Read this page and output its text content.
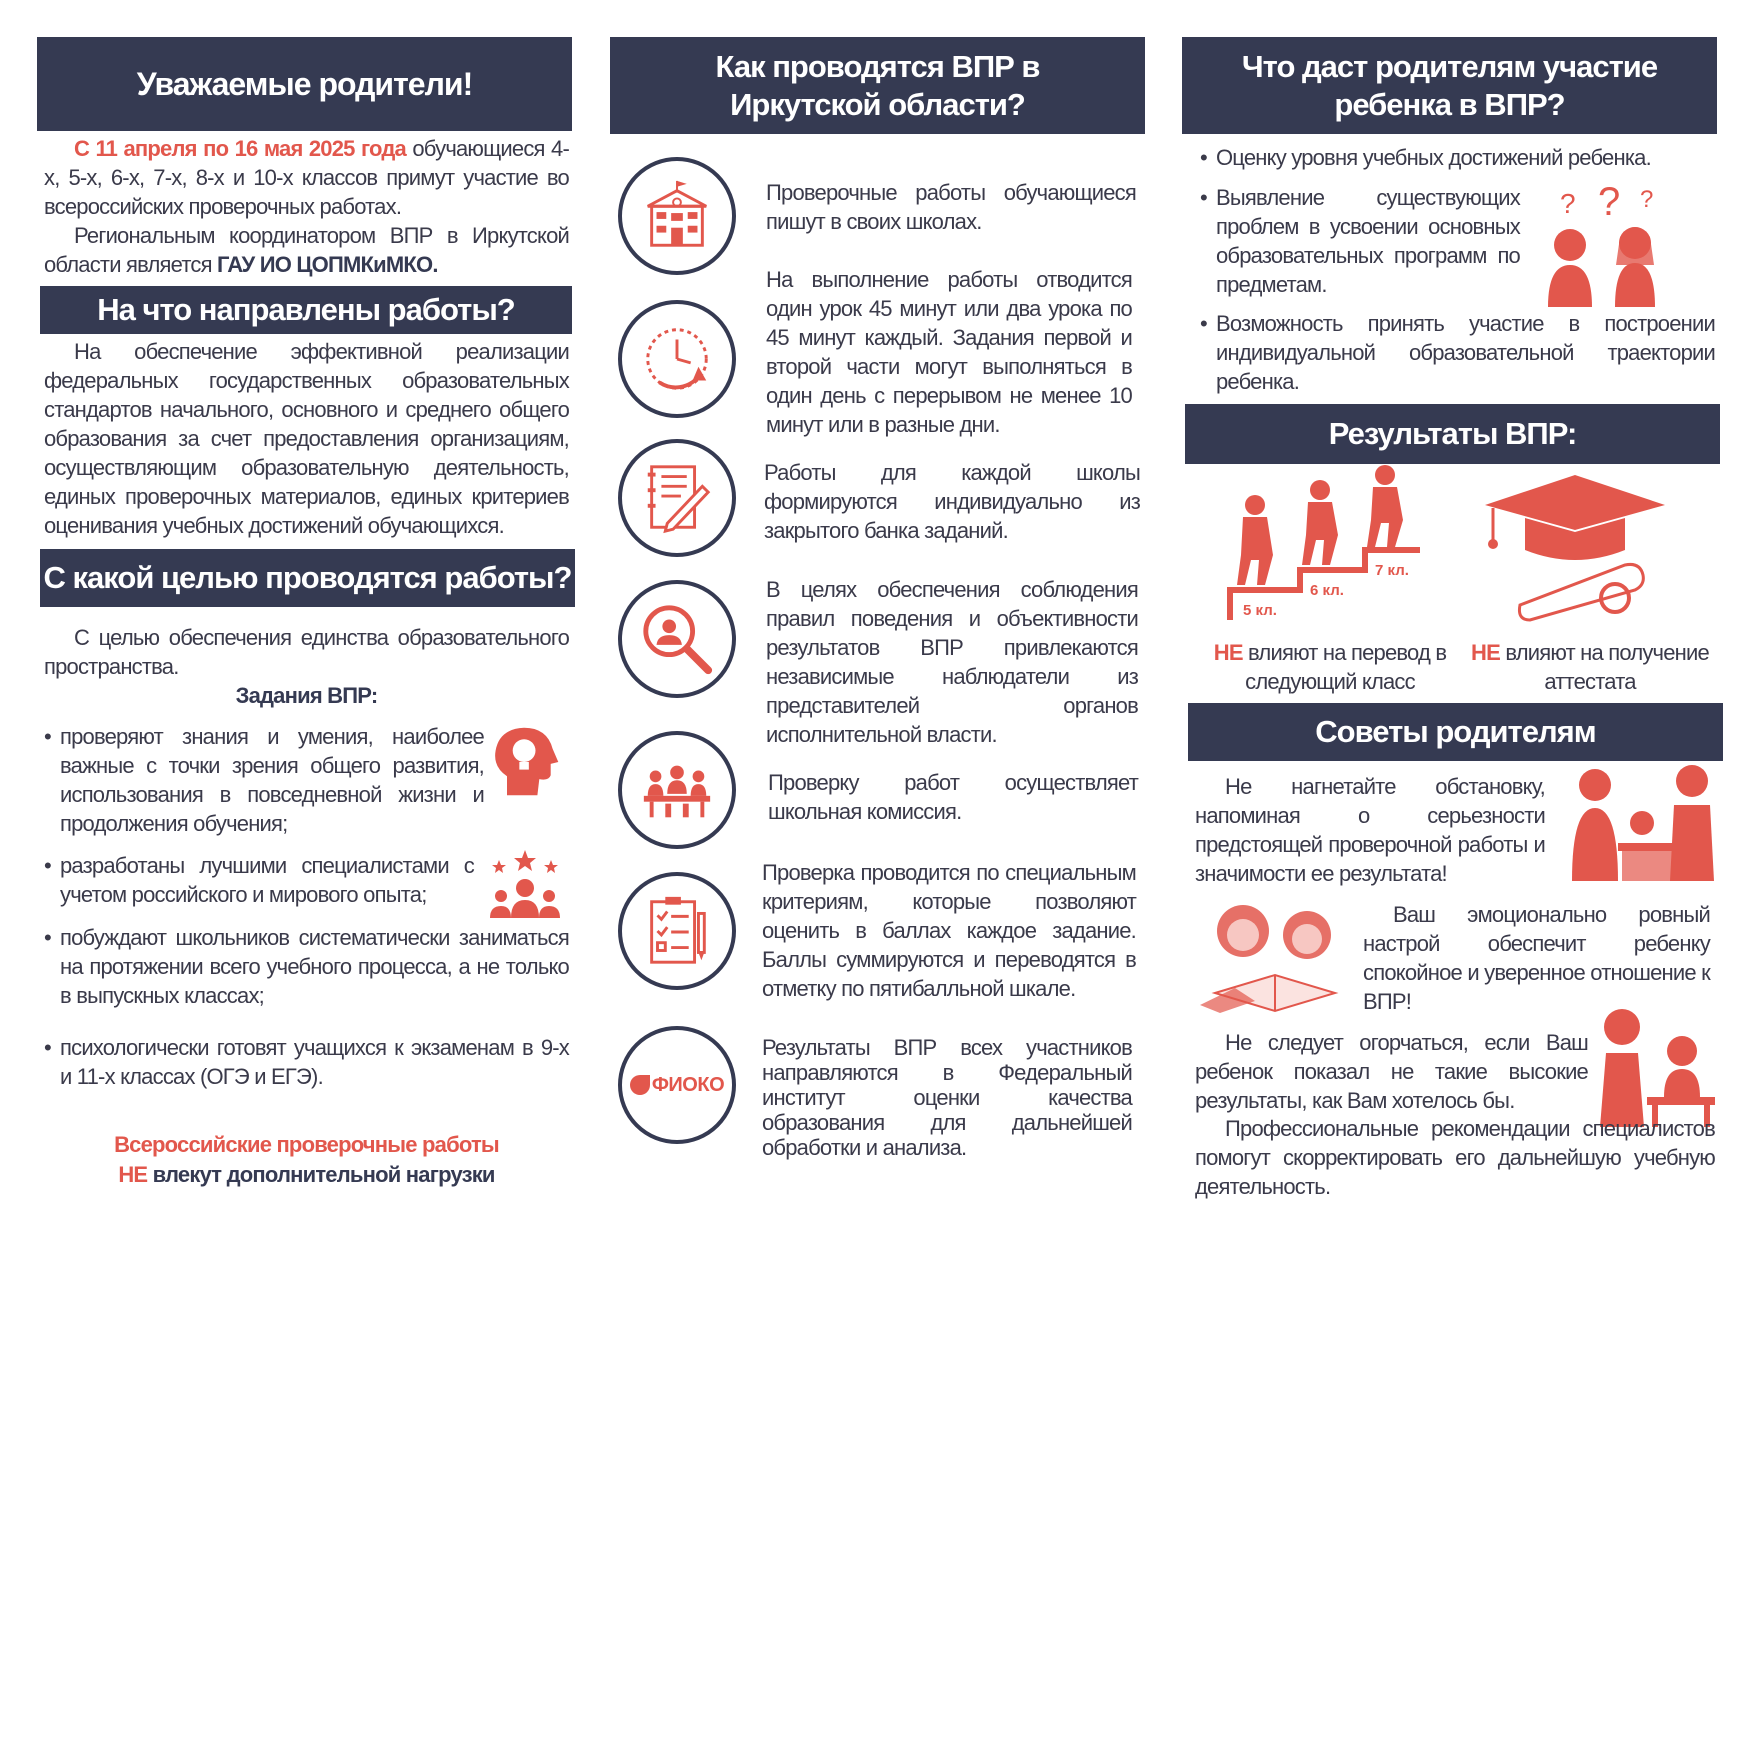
Уважаемые родители!
С 11 апреля по 16 мая 2025 года обучающиеся 4-х, 5-х, 6-х, 7-х, 8-х и 10-х классов примут участие во всероссийских проверочных работах.
Региональным координатором ВПР в Иркутской области является ГАУ ИО ЦОПМКиМКО.
На что направлены работы?
На обеспечение эффективной реализации федеральных государственных образовательных стандартов начального, основного и среднего общего образования за счет предоставления организациям, осуществляющим образовательную деятельность, единых проверочных материалов, единых критериев оценивания учебных достижений обучающихся.
С какой целью проводятся работы?
С целью обеспечения единства образовательного пространства.
Задания ВПР:
• проверяют знания и умения, наиболее важные с точки зрения общего развития, использования в повседневной жизни и продолжения обучения;
• разработаны лучшими специалистами с учетом российского и мирового опыта;
• побуждают школьников систематически заниматься на протяжении всего учебного процесса, а не только в выпускных классах;
• психологически готовят учащихся к экзаменам в 9-х и 11-х классах (ОГЭ и ЕГЭ).
Всероссийские проверочные работы
НЕ влекут дополнительной нагрузки
Как проводятся ВПР в Иркутской области?
Проверочные работы обучающиеся пишут в своих школах.
На выполнение работы отводится один урок 45 минут или два урока по 45 минут каждый. Задания первой и второй части могут выполняться в один день с перерывом не менее 10 минут или в разные дни.
Работы для каждой школы формируются индивидуально из закрытого банка заданий.
В целях обеспечения соблюдения правил поведения и объективности результатов ВПР привлекаются независимые наблюдатели из представителей органов исполнительной власти.
Проверку работ осуществляет школьная комиссия.
Проверка проводится по специальным критериям, которые позволяют оценить в баллах каждое задание. Баллы суммируются и переводятся в отметку по пятибалльной шкале.
ФИОКО
Результаты ВПР всех участников направляются в Федеральный институт оценки качества образования для дальнейшей обработки и анализа.
Что даст родителям участие ребенка в ВПР?
• Оценку уровня учебных достижений ребенка.
• Выявление существующих проблем в усвоении основных образовательных программ по предметам.
• Возможность принять участие в построении индивидуальной образовательной траектории ребенка.
? ? ?
Результаты ВПР:
5 кл.
6 кл.
7 кл.
НЕ влияют на перевод в следующий класс
НЕ влияют на получение аттестата
Советы родителям
Не нагнетайте обстановку, напоминая о серьезности предстоящей проверочной работы и значимости ее результата!
Ваш эмоционально ровный настрой обеспечит ребенку спокойное и уверенное отношение к ВПР!
Не следует огорчаться, если Ваш ребенок показал не такие высокие результаты, как Вам хотелось бы.
Профессиональные рекомендации специалистов помогут скорректировать его дальнейшую учебную деятельность.
